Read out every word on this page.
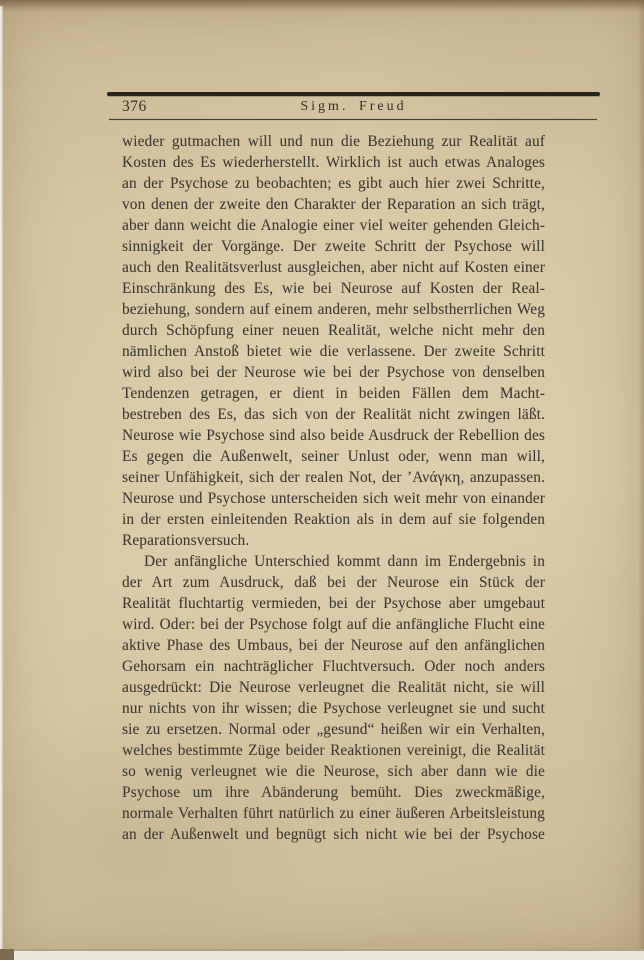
376	Sigm. Freud
wieder gutmachen will und nun die Beziehung zur Realität auf
Kosten des Es wiederherstellt. Wirklich ist auch etwas Analoges
an der Psychose zu beobachten; es gibt auch hier zwei Schritte,
von denen der zweite den Charakter der Reparation an sich trägt,
aber dann weicht die Analogie einer viel weiter gehenden Gleich-
sinnigkeit der Vorgänge. Der zweite Schritt der Psychose will
auch den Realitätsverlust ausgleichen, aber nicht auf Kosten einer
Einschränkung des Es, wie bei Neurose auf Kosten der Real-
beziehung, sondern auf einem anderen, mehr selbstherrlichen Weg
durch Schöpfung einer neuen Realität, welche nicht mehr den
nämlichen Anstoß bietet wie die verlassene. Der zweite Schritt
wird also bei der Neurose wie bei der Psychose von denselben
Tendenzen getragen, er dient in beiden Fällen dem Macht-
bestreben des Es, das sich von der Realität nicht zwingen läßt.
Neurose wie Psychose sind also beide Ausdruck der Rebellion des
Es gegen die Außenwelt, seiner Unlust oder, wenn man will,
seiner Unfähigkeit, sich der realen Not, der ’Ανάγκη, anzupassen.
Neurose und Psychose unterscheiden sich weit mehr von einander
in der ersten einleitenden Reaktion als in dem auf sie folgenden
Reparationsversuch.
Der anfängliche Unterschied kommt dann im Endergebnis in
der Art zum Ausdruck, daß bei der Neurose ein Stück der
Realität fluchtartig vermieden, bei der Psychose aber umgebaut
wird. Oder: bei der Psychose folgt auf die anfängliche Flucht eine
aktive Phase des Umbaus, bei der Neurose auf den anfänglichen
Gehorsam ein nachträglicher Fluchtversuch. Oder noch anders
ausgedrückt: Die Neurose verleugnet die Realität nicht, sie will
nur nichts von ihr wissen; die Psychose verleugnet sie und sucht
sie zu ersetzen. Normal oder „gesund“ heißen wir ein Verhalten,
welches bestimmte Züge beider Reaktionen vereinigt, die Realität
so wenig verleugnet wie die Neurose, sich aber dann wie die
Psychose um ihre Abänderung bemüht. Dies zweckmäßige,
normale Verhalten führt natürlich zu einer äußeren Arbeitsleistung
an der Außenwelt und begnügt sich nicht wie bei der Psychose
